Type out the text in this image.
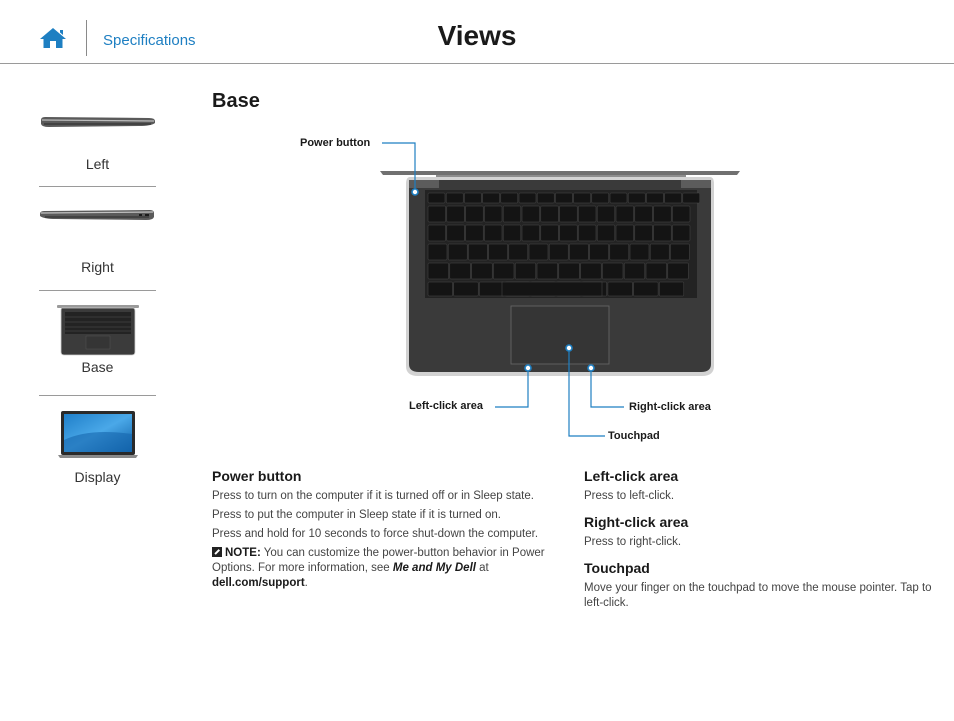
Specifications	Views
Left
Right
Base
Display
Base
Power button
Left-click area	Right-click area
Touchpad
Power button

Press to turn on the computer if it is turned off or in Sleep state.

Press to put the computer in Sleep state if it is turned on.

Press and hold for 10 seconds to force shut-down the computer.

NOTE: You can customize the power-button behavior in Power Options. For more information, see Me and My Dell at dell.com/support.

Left-click area

Press to left-click.

Right-click area

Press to right-click.

Touchpad

Move your finger on the touchpad to move the mouse pointer. Tap to left-click.
